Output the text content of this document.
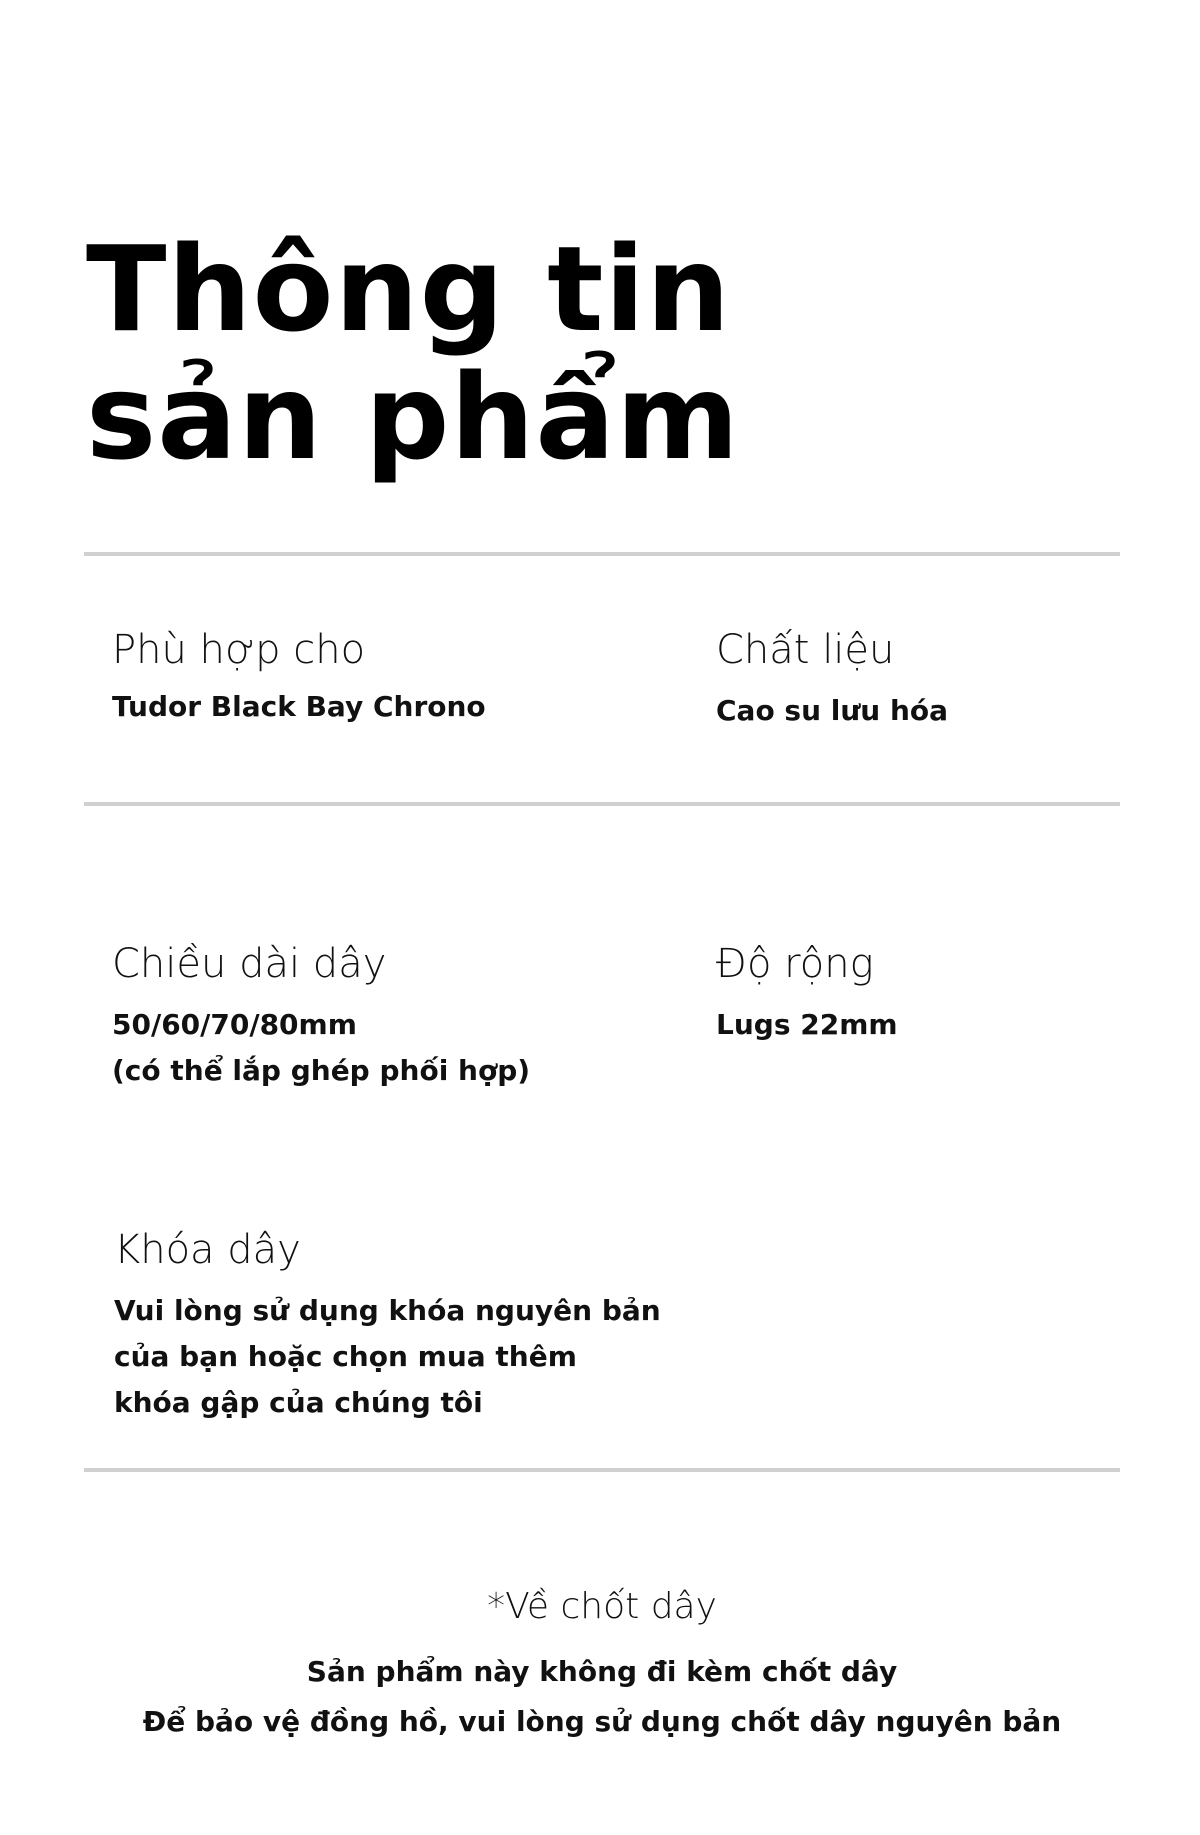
Thông tin
sản phẩm
Phù hợp cho
Tudor Black Bay Chrono
Chất liệu
Cao su lưu hóa
Chiều dài dây
50/60/70/80mm
(có thể lắp ghép phối hợp)
Độ rộng
Lugs 22mm
Khóa dây
Vui lòng sử dụng khóa nguyên bản
của bạn hoặc chọn mua thêm
khóa gập của chúng tôi
*Về chốt dây
Sản phẩm này không đi kèm chốt dây
Để bảo vệ đồng hồ, vui lòng sử dụng chốt dây nguyên bản
